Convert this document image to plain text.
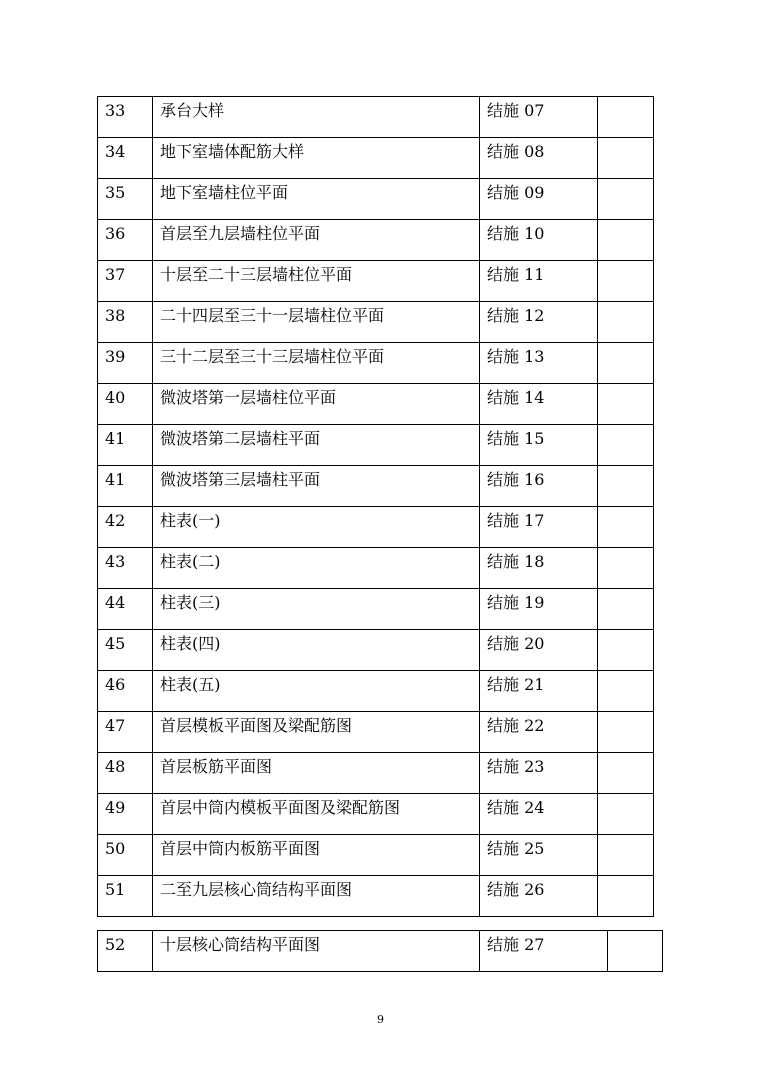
33	承台大样	结施 07	
34	地下室墙体配筋大样	结施 08	
35	地下室墙柱位平面	结施 09	
36	首层至九层墙柱位平面	结施 10	
37	十层至二十三层墙柱位平面	结施 11	
38	二十四层至三十一层墙柱位平面	结施 12	
39	三十二层至三十三层墙柱位平面	结施 13	
40	微波塔第一层墙柱位平面	结施 14	
41	微波塔第二层墙柱平面	结施 15	
41	微波塔第三层墙柱平面	结施 16	
42	柱表(一)	结施 17	
43	柱表(二)	结施 18	
44	柱表(三)	结施 19	
45	柱表(四)	结施 20	
46	柱表(五)	结施 21	
47	首层模板平面图及梁配筋图	结施 22	
48	首层板筋平面图	结施 23	
49	首层中筒内模板平面图及梁配筋图	结施 24	
50	首层中筒内板筋平面图	结施 25	
51	二至九层核心筒结构平面图	结施 26	
52	十层核心筒结构平面图	结施 27
9
